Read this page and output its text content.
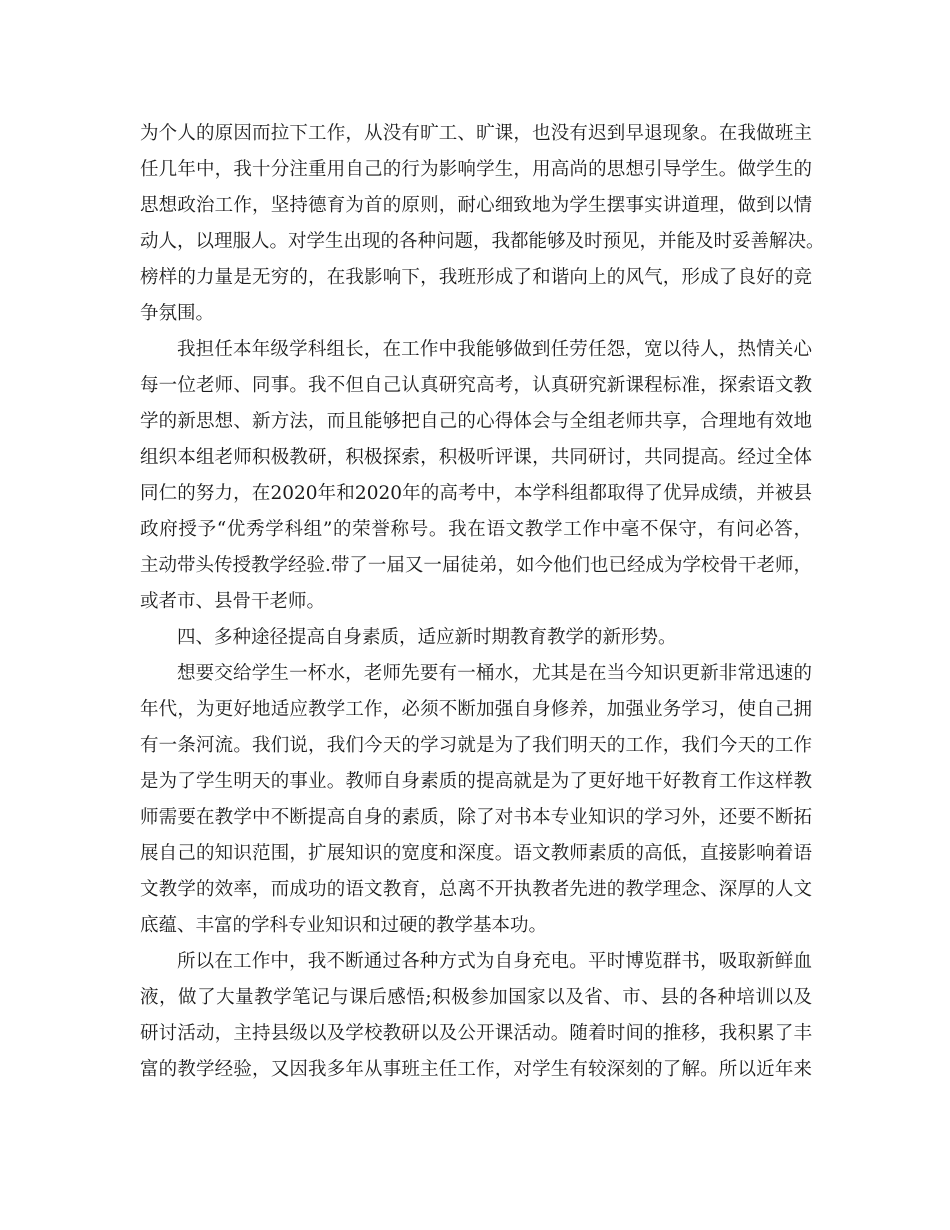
为个人的原因而拉下工作，从没有旷工、旷课，也没有迟到早退现象。在我做班主
任几年中，我十分注重用自己的行为影响学生，用高尚的思想引导学生。做学生的
思想政治工作，坚持德育为首的原则，耐心细致地为学生摆事实讲道理，做到以情
动人，以理服人。对学生出现的各种问题，我都能够及时预见，并能及时妥善解决。
榜样的力量是无穷的，在我影响下，我班形成了和谐向上的风气，形成了良好的竞
争氛围。
我担任本年级学科组长，在工作中我能够做到任劳任怨，宽以待人，热情关心
每一位老师、同事。我不但自己认真研究高考，认真研究新课程标准，探索语文教
学的新思想、新方法，而且能够把自己的心得体会与全组老师共享，合理地有效地
组织本组老师积极教研，积极探索，积极听评课，共同研讨，共同提高。经过全体
同仁的努力，在2020年和2020年的高考中，本学科组都取得了优异成绩，并被县
政府授予“优秀学科组”的荣誉称号。我在语文教学工作中毫不保守，有问必答，
主动带头传授教学经验.带了一届又一届徒弟，如今他们也已经成为学校骨干老师，
或者市、县骨干老师。
四、多种途径提高自身素质，适应新时期教育教学的新形势。
想要交给学生一杯水，老师先要有一桶水，尤其是在当今知识更新非常迅速的
年代，为更好地适应教学工作，必须不断加强自身修养，加强业务学习，使自己拥
有一条河流。我们说，我们今天的学习就是为了我们明天的工作，我们今天的工作
是为了学生明天的事业。教师自身素质的提高就是为了更好地干好教育工作这样教
师需要在教学中不断提高自身的素质，除了对书本专业知识的学习外，还要不断拓
展自己的知识范围，扩展知识的宽度和深度。语文教师素质的高低，直接影响着语
文教学的效率，而成功的语文教育，总离不开执教者先进的教学理念、深厚的人文
底蕴、丰富的学科专业知识和过硬的教学基本功。
所以在工作中，我不断通过各种方式为自身充电。平时博览群书，吸取新鲜血
液，做了大量教学笔记与课后感悟;积极参加国家以及省、市、县的各种培训以及
研讨活动，主持县级以及学校教研以及公开课活动。随着时间的推移，我积累了丰
富的教学经验，又因我多年从事班主任工作，对学生有较深刻的了解。所以近年来
